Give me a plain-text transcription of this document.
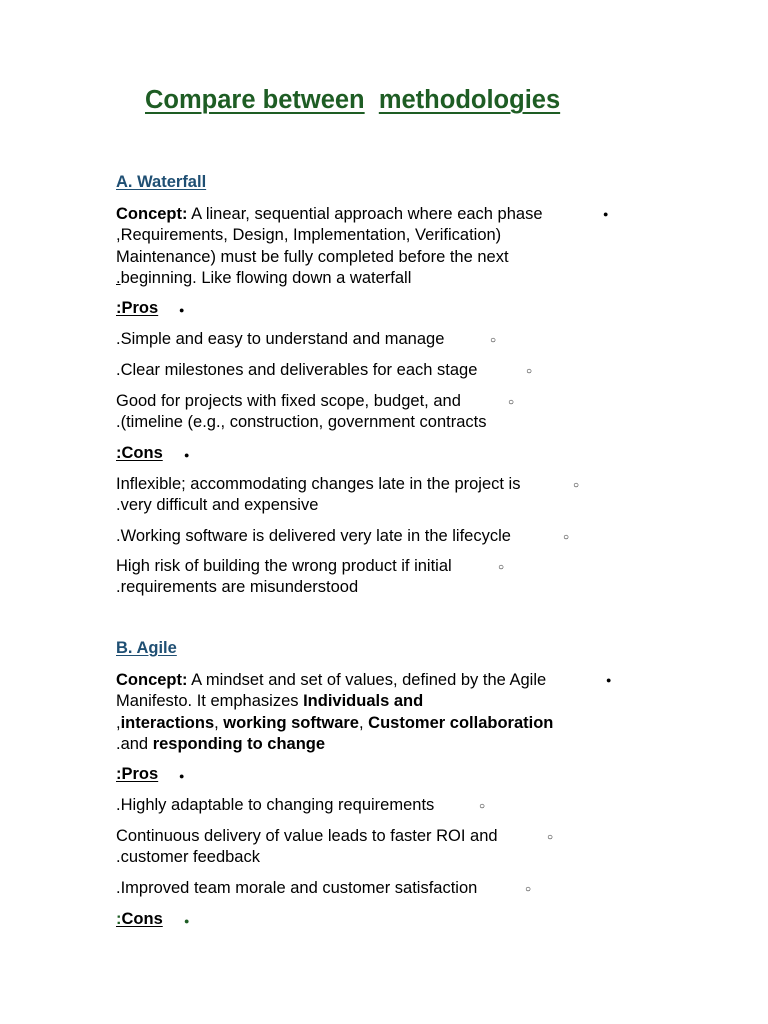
Compare between methodologies
A. Waterfall
Concept: A linear, sequential approach where each phase
,Requirements, Design, Implementation, Verification)
Maintenance) must be fully completed before the next
.beginning. Like flowing down a waterfall
●
:Pros	●
.Simple and easy to understand and manage	○
.Clear milestones and deliverables for each stage	○
Good for projects with fixed scope, budget, and
.(timeline (e.g., construction, government contracts
○
:Cons	●
Inflexible; accommodating changes late in the project is
.very difficult and expensive
○
.Working software is delivered very late in the lifecycle	○
High risk of building the wrong product if initial
.requirements are misunderstood
○
B. Agile
Concept: A mindset and set of values, defined by the Agile
Manifesto. It emphasizes Individuals and
,interactions, working software, Customer collaboration
.and responding to change
●
:Pros	●
.Highly adaptable to changing requirements	○
Continuous delivery of value leads to faster ROI and
.customer feedback
○
.Improved team morale and customer satisfaction	○
:Cons	●
